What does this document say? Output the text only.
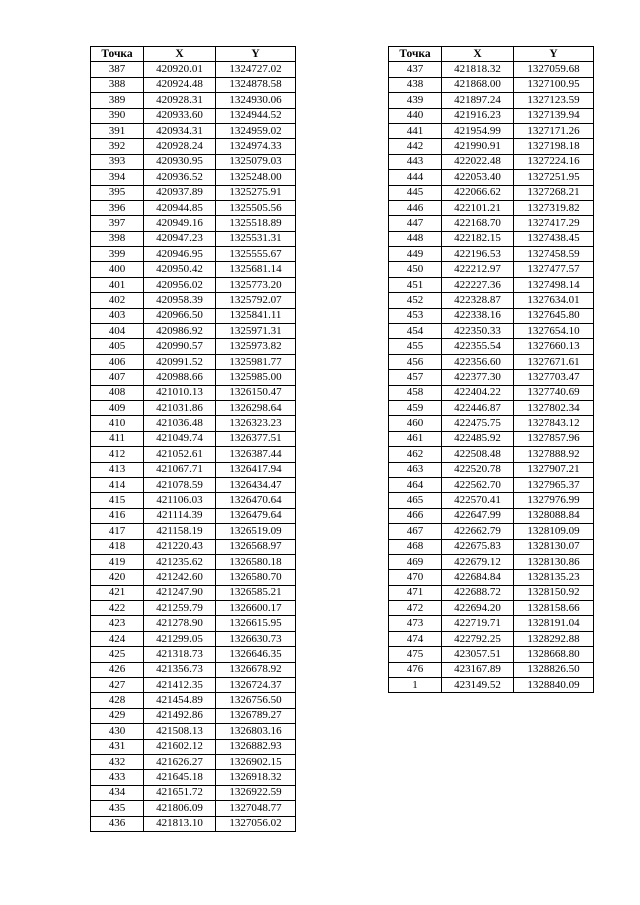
Точка	X	Y
387	420920.01	1324727.02
388	420924.48	1324878.58
389	420928.31	1324930.06
390	420933.60	1324944.52
391	420934.31	1324959.02
392	420928.24	1324974.33
393	420930.95	1325079.03
394	420936.52	1325248.00
395	420937.89	1325275.91
396	420944.85	1325505.56
397	420949.16	1325518.89
398	420947.23	1325531.31
399	420946.95	1325555.67
400	420950.42	1325681.14
401	420956.02	1325773.20
402	420958.39	1325792.07
403	420966.50	1325841.11
404	420986.92	1325971.31
405	420990.57	1325973.82
406	420991.52	1325981.77
407	420988.66	1325985.00
408	421010.13	1326150.47
409	421031.86	1326298.64
410	421036.48	1326323.23
411	421049.74	1326377.51
412	421052.61	1326387.44
413	421067.71	1326417.94
414	421078.59	1326434.47
415	421106.03	1326470.64
416	421114.39	1326479.64
417	421158.19	1326519.09
418	421220.43	1326568.97
419	421235.62	1326580.18
420	421242.60	1326580.70
421	421247.90	1326585.21
422	421259.79	1326600.17
423	421278.90	1326615.95
424	421299.05	1326630.73
425	421318.73	1326646.35
426	421356.73	1326678.92
427	421412.35	1326724.37
428	421454.89	1326756.50
429	421492.86	1326789.27
430	421508.13	1326803.16
431	421602.12	1326882.93
432	421626.27	1326902.15
433	421645.18	1326918.32
434	421651.72	1326922.59
435	421806.09	1327048.77
436	421813.10	1327056.02
Точка	X	Y
437	421818.32	1327059.68
438	421868.00	1327100.95
439	421897.24	1327123.59
440	421916.23	1327139.94
441	421954.99	1327171.26
442	421990.91	1327198.18
443	422022.48	1327224.16
444	422053.40	1327251.95
445	422066.62	1327268.21
446	422101.21	1327319.82
447	422168.70	1327417.29
448	422182.15	1327438.45
449	422196.53	1327458.59
450	422212.97	1327477.57
451	422227.36	1327498.14
452	422328.87	1327634.01
453	422338.16	1327645.80
454	422350.33	1327654.10
455	422355.54	1327660.13
456	422356.60	1327671.61
457	422377.30	1327703.47
458	422404.22	1327740.69
459	422446.87	1327802.34
460	422475.75	1327843.12
461	422485.92	1327857.96
462	422508.48	1327888.92
463	422520.78	1327907.21
464	422562.70	1327965.37
465	422570.41	1327976.99
466	422647.99	1328088.84
467	422662.79	1328109.09
468	422675.83	1328130.07
469	422679.12	1328130.86
470	422684.84	1328135.23
471	422688.72	1328150.92
472	422694.20	1328158.66
473	422719.71	1328191.04
474	422792.25	1328292.88
475	423057.51	1328668.80
476	423167.89	1328826.50
1	423149.52	1328840.09
